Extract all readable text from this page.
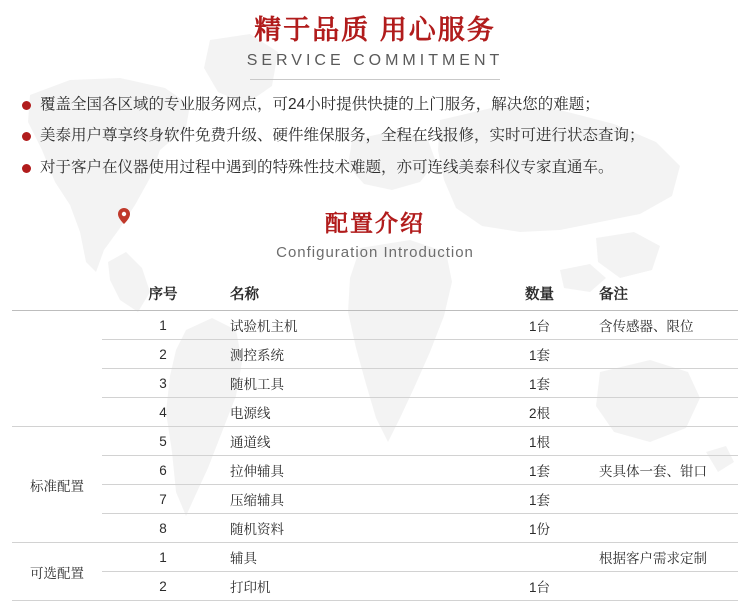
精于品质 用心服务
SERVICE COMMITMENT
覆盖全国各区域的专业服务网点，可24小时提供快捷的上门服务，解决您的难题；
美泰用户尊享终身软件免费升级、硬件维保服务，全程在线报修，实时可进行状态查询；
对于客户在仪器使用过程中遇到的特殊性技术难题，亦可连线美泰科仪专家直通车。
配置介绍
Configuration Introduction
	序号	名称	数量	备注
	1	试验机主机	1台	含传感器、限位
	2	测控系统	1套	
	3	随机工具	1套	
	4	电源线	2根	
标准配置	5	通道线	1根	
	6	拉伸辅具	1套	夹具体一套、钳口
	7	压缩辅具	1套	
	8	随机资料	1份	
可选配置	1	辅具		根据客户需求定制
	2	打印机	1台	
